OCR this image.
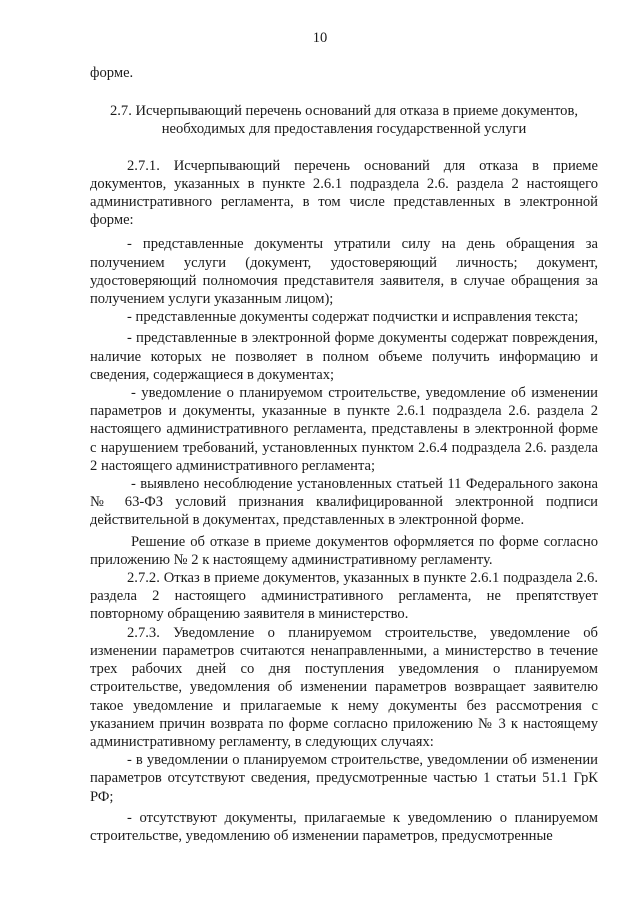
10

форме.

2.7. Исчерпывающий перечень оснований для отказа в приеме документов,
необходимых для предоставления государственной услуги

2.7.1. Исчерпывающий перечень оснований для отказа в приеме документов, указанных в пункте 2.6.1 подраздела 2.6. раздела 2 настоящего административного регламента, в том числе представленных в электронной форме:

- представленные документы утратили силу на день обращения за получением услуги (документ, удостоверяющий личность; документ, удостоверяющий полномочия представителя заявителя, в случае обращения за получением услуги указанным лицом);

- представленные документы содержат подчистки и исправления текста;

- представленные в электронной форме документы содержат повреждения, наличие которых не позволяет в полном объеме получить информацию и сведения, содержащиеся в документах;

- уведомление о планируемом строительстве, уведомление об изменении параметров и документы, указанные в пункте 2.6.1 подраздела 2.6. раздела 2 настоящего административного регламента, представлены в электронной форме с нарушением требований, установленных пунктом 2.6.4 подраздела 2.6. раздела 2 настоящего административного регламента;

- выявлено несоблюдение установленных статьей 11 Федерального закона № 63-ФЗ условий признания квалифицированной электронной подписи действительной в документах, представленных в электронной форме.

Решение об отказе в приеме документов оформляется по форме согласно приложению № 2 к настоящему административному регламенту.

2.7.2. Отказ в приеме документов, указанных в пункте 2.6.1 подраздела 2.6. раздела 2 настоящего административного регламента, не препятствует повторному обращению заявителя в министерство.

2.7.3. Уведомление о планируемом строительстве, уведомление об изменении параметров считаются ненаправленными, а министерство в течение трех рабочих дней со дня поступления уведомления о планируемом строительстве, уведомления об изменении параметров возвращает заявителю такое уведомление и прилагаемые к нему документы без рассмотрения с указанием причин возврата по форме согласно приложению № 3 к настоящему административному регламенту, в следующих случаях:

- в уведомлении о планируемом строительстве, уведомлении об изменении параметров отсутствуют сведения, предусмотренные частью 1 статьи 51.1 ГрК РФ;

- отсутствуют документы, прилагаемые к уведомлению о планируемом строительстве, уведомлению об изменении параметров, предусмотренные
